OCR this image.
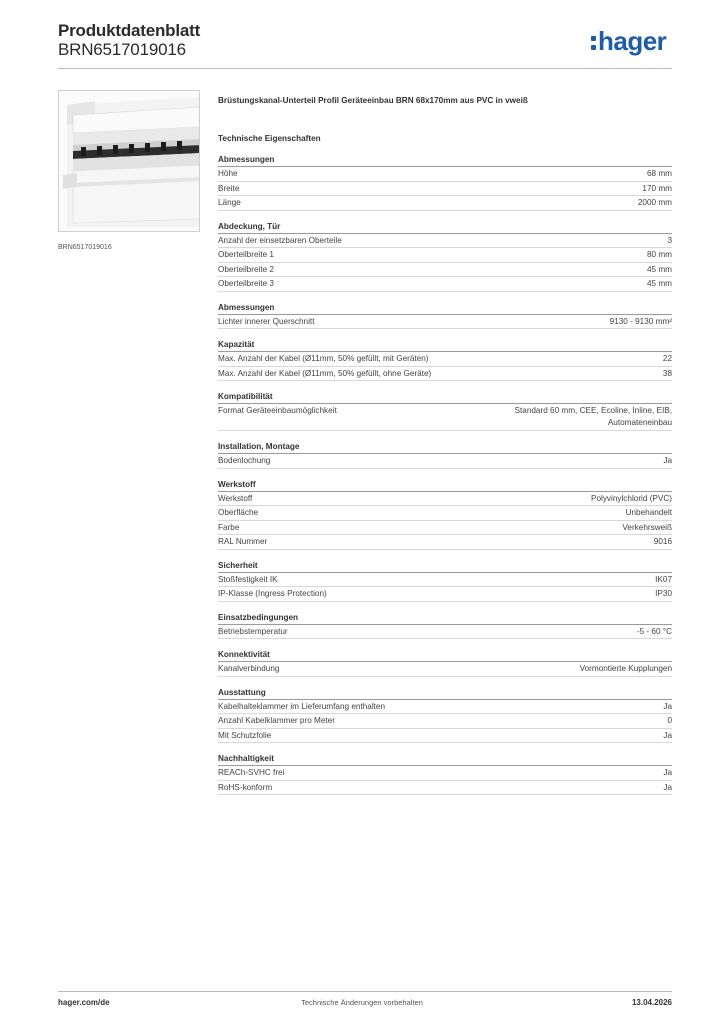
Produktdatenblatt
BRN6517019016	hager
BRN6517019016
Brüstungskanal-Unterteil Profil Geräteeinbau BRN 68x170mm aus PVC in vweiß
Technische Eigenschaften
Abmessungen
Höhe	68 mm
Breite	170 mm
Länge	2000 mm
Abdeckung, Tür
Anzahl der einsetzbaren Oberteile	3
Oberteilbreite 1	80 mm
Oberteilbreite 2	45 mm
Oberteilbreite 3	45 mm
Abmessungen
Lichter innerer Querschnitt	9130 - 9130 mm²
Kapazität
Max. Anzahl der Kabel (Ø11mm, 50% gefüllt, mit Geräten)	22
Max. Anzahl der Kabel (Ø11mm, 50% gefüllt, ohne Geräte)	38
Kompatibilität
Format Geräteeinbaumöglichkeit	Standard 60 mm, CEE, Ecoline, Inline, EIB, Automateneinbau
Installation, Montage
Bodenlochung	Ja
Werkstoff
Werkstoff	Polyvinylchlorid (PVC)
Oberfläche	Unbehandelt
Farbe	Verkehrsweiß
RAL Nummer	9016
Sicherheit
Stoßfestigkeit IK	IK07
IP-Klasse (Ingress Protection)	IP30
Einsatzbedingungen
Betriebstemperatur	-5 - 60 °C
Konnektivität
Kanalverbindung	Vormontierte Kupplungen
Ausstattung
Kabelhalteklammer im Lieferumfang enthalten	Ja
Anzahl Kabelklammer pro Meter	0
Mit Schutzfolie	Ja
Nachhaltigkeit
REACh-SVHC frei	Ja
RoHS-konform	Ja
hager.com/de	Technische Änderungen vorbehalten	13.04.2026
